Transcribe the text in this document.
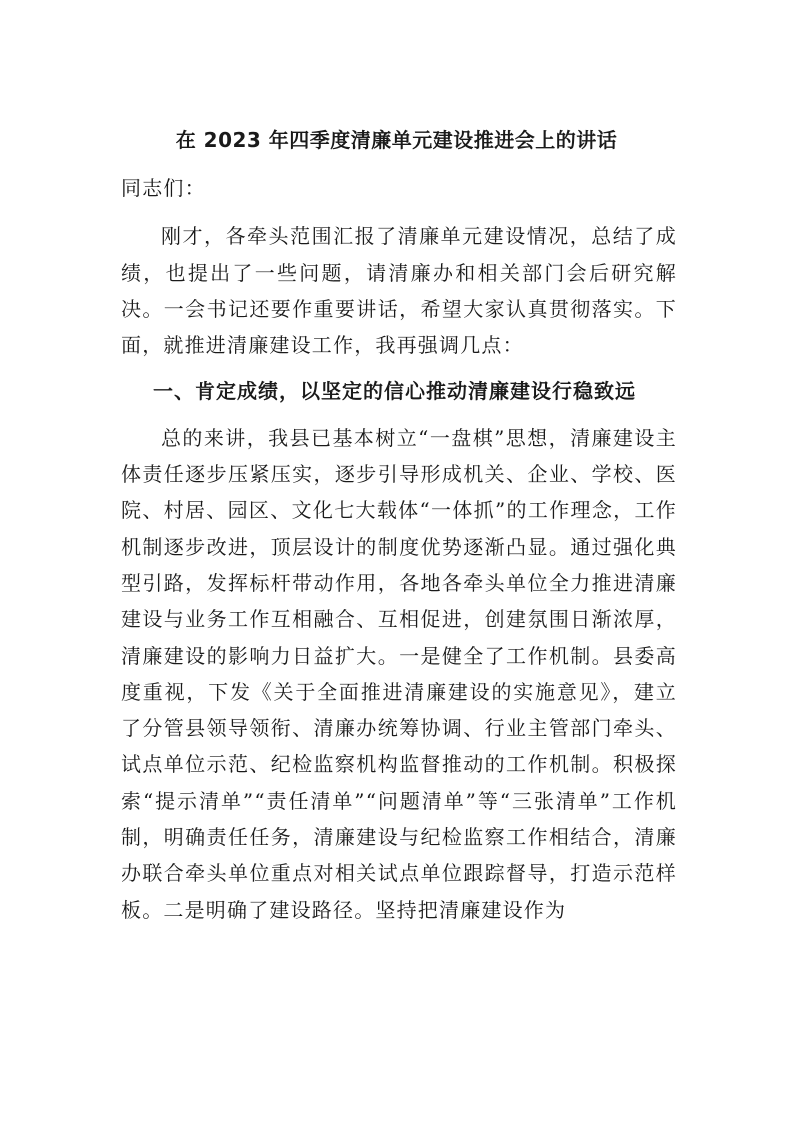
在 2023 年四季度清廉单元建设推进会上的讲话

同志们：

刚才，各牵头范围汇报了清廉单元建设情况，总结了成绩，也提出了一些问题，请清廉办和相关部门会后研究解决。一会书记还要作重要讲话，希望大家认真贯彻落实。下面，就推进清廉建设工作，我再强调几点：

一、肯定成绩，以坚定的信心推动清廉建设行稳致远

总的来讲，我县已基本树立“一盘棋”思想，清廉建设主体责任逐步压紧压实，逐步引导形成机关、企业、学校、医院、村居、园区、文化七大载体“一体抓”的工作理念，工作机制逐步改进，顶层设计的制度优势逐渐凸显。通过强化典型引路，发挥标杆带动作用，各地各牵头单位全力推进清廉建设与业务工作互相融合、互相促进，创建氛围日渐浓厚，清廉建设的影响力日益扩大。一是健全了工作机制。县委高度重视，下发《关于全面推进清廉建设的实施意见》，建立了分管县领导领衔、清廉办统筹协调、行业主管部门牵头、试点单位示范、纪检监察机构监督推动的工作机制。积极探索“提示清单”“责任清单”“问题清单”等“三张清单”工作机制，明确责任任务，清廉建设与纪检监察工作相结合，清廉办联合牵头单位重点对相关试点单位跟踪督导，打造示范样板。二是明确了建设路径。坚持把清廉建设作为
